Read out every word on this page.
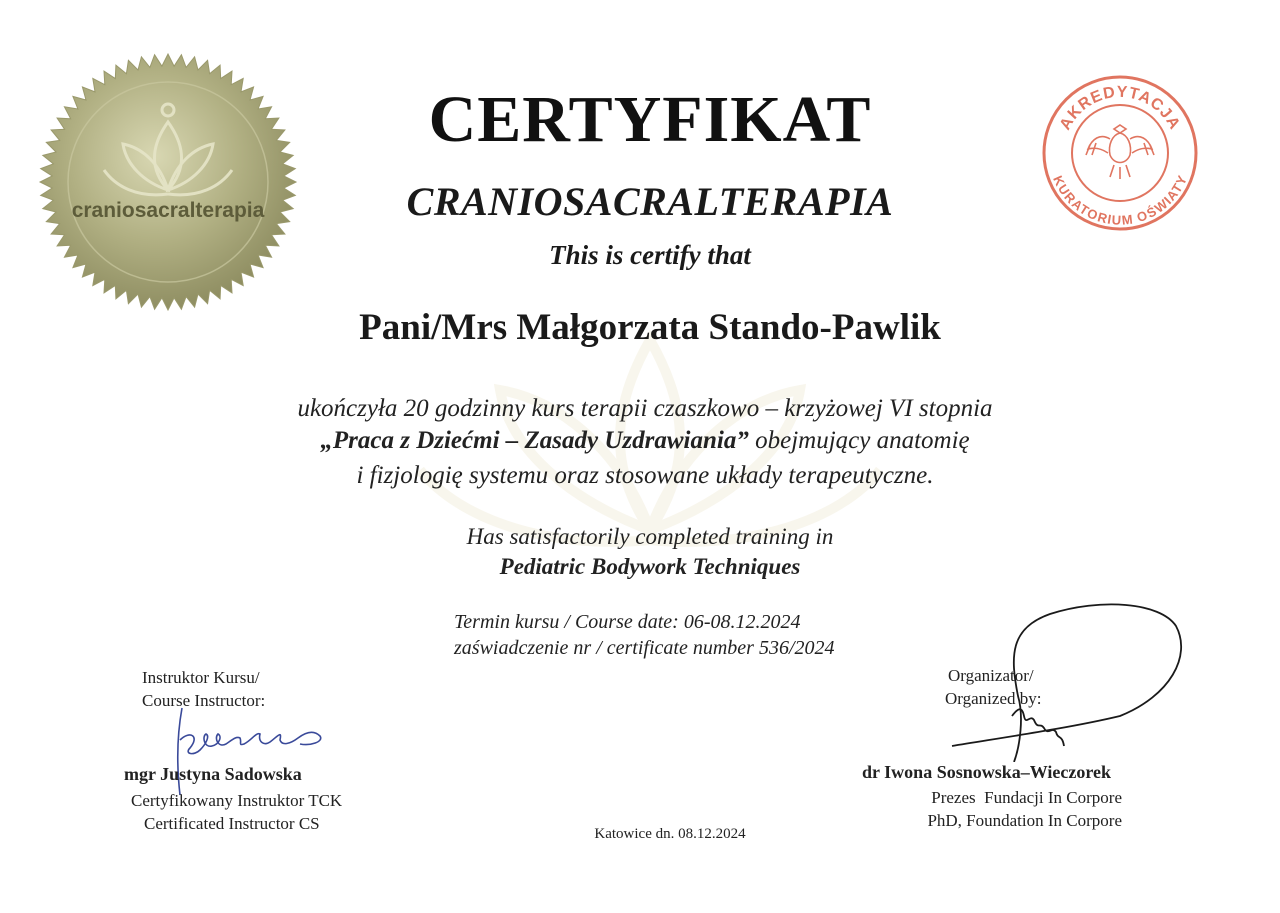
craniosacralterapia
AKREDYTACJA
KURATORIUM OŚWIATY
CERTYFIKAT
CRANIOSACRALTERAPIA
This is certify that
Pani/Mrs Małgorzata Stando-Pawlik
ukończyła 20 godzinny kurs terapii czaszkowo – krzyżowej VI stopnia
„Praca z Dziećmi – Zasady Uzdrawiania” obejmujący anatomię
i fizjologię systemu oraz stosowane układy terapeutyczne.
Has satisfactorily completed training in
Pediatric Bodywork Techniques
Termin kursu / Course date: 06-08.12.2024
zaświadczenie nr / certificate number 536/2024
Instruktor Kursu/
Course Instructor:
mgr Justyna Sadowska
Certyfikowany Instruktor TCK
Certificated Instructor CS
Organizator/
Organized by:
dr Iwona Sosnowska–Wieczorek
Prezes  Fundacji In Corpore
PhD, Foundation In Corpore
Katowice dn. 08.12.2024
